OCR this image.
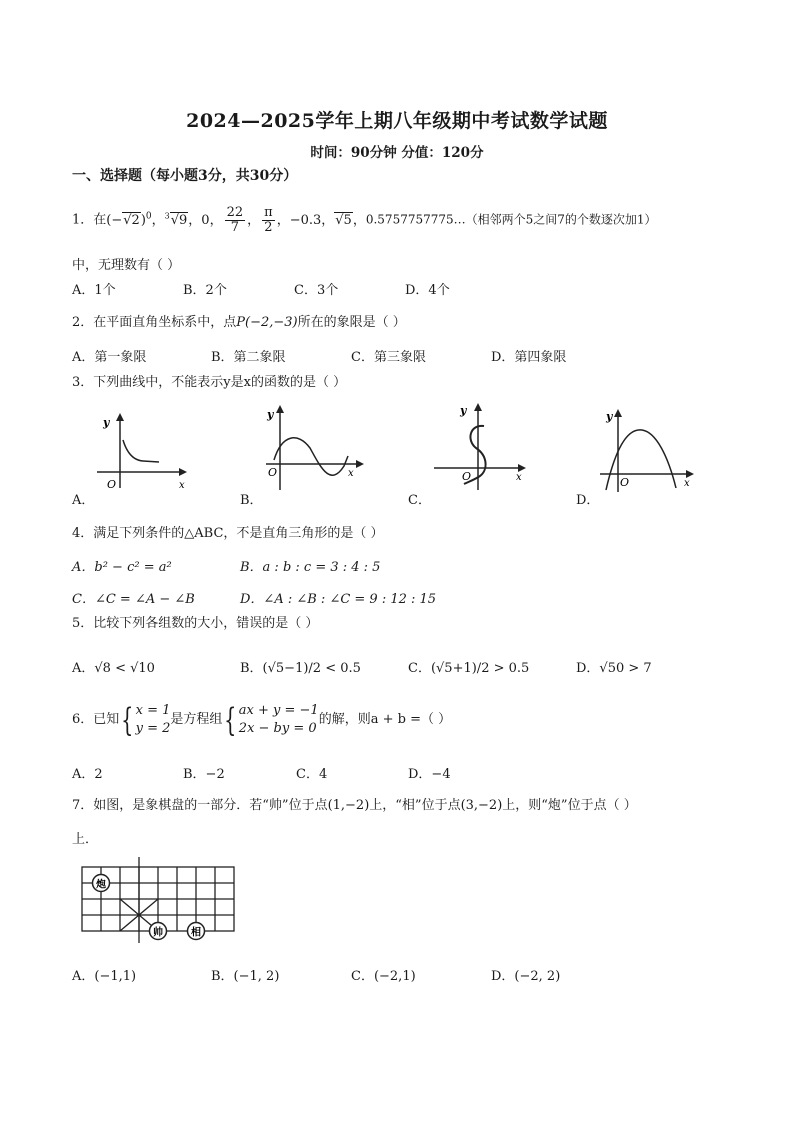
2024—2025学年上期八年级期中考试数学试题
时间：90分钟 分值：120分
一、选择题（每小题3分，共30分）
1．在$(-√2)^0$，$^3$√9，0， $\frac{22}{7}$ ， $\frac{\pi}{2}$ ，−0.3，√5，0.5757757775…（相邻两个5之间7的个数逐次加1）
中，无理数有（ ）
A．1个	B．2个	C．3个	D．4个
2．在平面直角坐标系中，点P(−2,−3)所在的象限是（ ）
A．第一象限	B．第二象限	C．第三象限	D．第四象限
3．下列曲线中，不能表示y是x的函数的是（ ）
A．
y
O	x
B．
y
O	x
C．
y
O	x
D．
y
O	x
4．满足下列条件的△ABC，不是直角三角形的是（ ）
A．b² − c² = a²	B．a : b : c = 3 : 4 : 5
C．∠C = ∠A − ∠B	D．∠A : ∠B : ∠C = 9 : 12 : 15
5．比较下列各组数的大小，错误的是（ ）
A．√8 < √10	B．(√5−1)/2 < 0.5	C．(√5+1)/2 > 0.5	D．√50 > 7
6．已知{ x = 1
y = 2
是方程组{ ax + y = −1
2x − by = 0
的解，则a + b =（ ）
A．2	B．−2	C．4	D．−4
7．如图，是象棋盘的一部分．若“帅”位于点(1,−2)上，“相”位于点(3,−2)上，则“炮”位于点（ ）
上．
炮
帅	相
A．(−1,1)	B．(−1, 2)	C．(−2,1)	D．(−2, 2)
